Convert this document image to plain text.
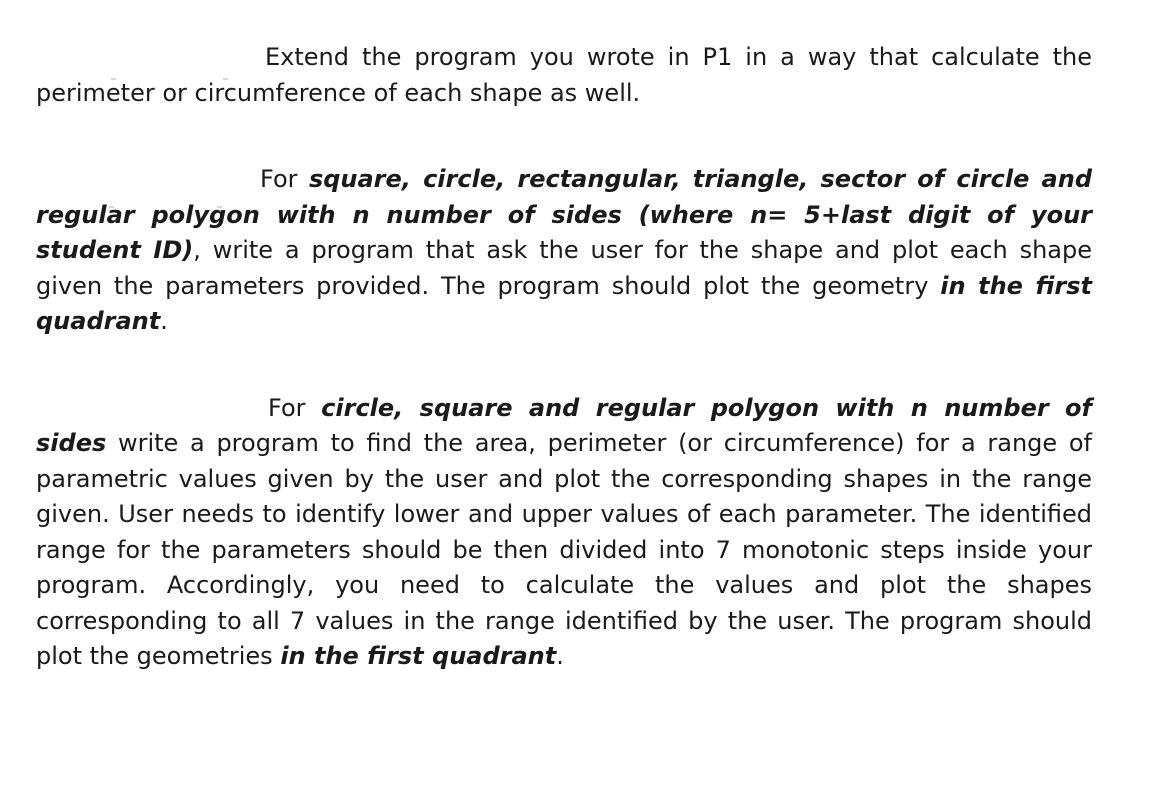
Extend the program you wrote in P1 in a way that calculate the perimeter or circumference of each shape as well.

For square, circle, rectangular, triangle, sector of circle and regular polygon with n number of sides (where n= 5+last digit of your student ID), write a program that ask the user for the shape and plot each shape given the parameters provided. The program should plot the geometry in the first quadrant.

For circle, square and regular polygon with n number of sides write a program to find the area, perimeter (or circumference) for a range of parametric values given by the user and plot the corresponding shapes in the range given. User needs to identify lower and upper values of each parameter. The identified range for the parameters should be then divided into 7 monotonic steps inside your program. Accordingly, you need to calculate the values and plot the shapes corresponding to all 7 values in the range identified by the user. The program should plot the geometries in the first quadrant.
